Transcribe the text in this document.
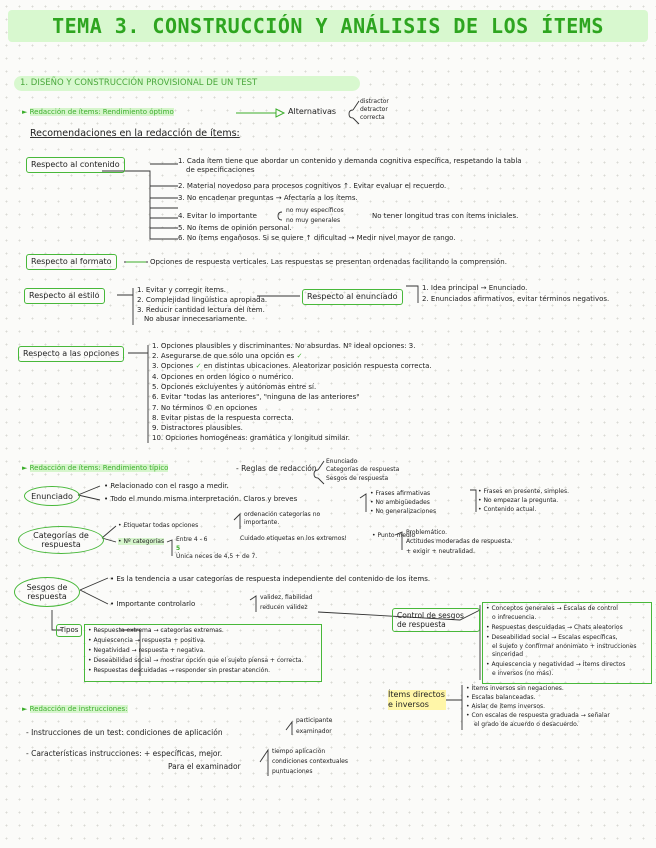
TEMA 3. CONSTRUCCIÓN Y ANÁLISIS DE LOS ÍTEMS
1. DISEÑO Y CONSTRUCCIÓN PROVISIONAL DE UN TEST
► Redacción de ítems: Rendimiento óptimo	Alternativas
distractor
detractor
correcta
Recomendaciones en la redacción de ítems:
Respecto al contenido	1. Cada ítem tiene que abordar un contenido y demanda cognitiva específica, respetando la tabla
de especificaciones
2. Material novedoso para procesos cognitivos ↑. Evitar evaluar el recuerdo.
3. No encadenar preguntas → Afectaría a los ítems.
4. Evitar lo importante
no muy específicos
no muy generales
No tener longitud tras con ítems iniciales.
5. No ítems de opinión personal.
6. No ítems engañosos. Si se quiere ↑ dificultad → Medir nivel mayor de rango.
Respecto al formato	Opciones de respuesta verticales. Las respuestas se presentan ordenadas facilitando la comprensión.
Respecto al estilo
1. Evitar y corregir ítems.
2. Complejidad lingüística apropiada.
3. Reducir cantidad lectura del ítem.
No abusar innecesariamente.
Respecto al enunciado
1. Idea principal → Enunciado.
2. Enunciados afirmativos, evitar términos negativos.
Respecto a las opciones
1. Opciones plausibles y discriminantes. No absurdas. Nº ideal opciones: 3.
2. Asegurarse de que sólo una opción es ✓
3. Opciones ✓ en distintas ubicaciones. Aleatorizar posición respuesta correcta.
4. Opciones en orden lógico o numérico.
5. Opciones excluyentes y autónomas entre sí.
6. Evitar "todas las anteriores", "ninguna de las anteriores"
7. No términos © en opciones
8. Evitar pistas de la respuesta correcta.
9. Distractores plausibles.
10. Opciones homogéneas: gramática y longitud similar.
► Redacción de ítems: Rendimiento típico	- Reglas de redacción
Enunciado
Categorías de respuesta
Sesgos de respuesta
Enunciado
• Relacionado con el rasgo a medir.
• Todo el mundo misma interpretación. Claros y breves
• Frases afirmativas
• No ambigüedades
• No generalizaciones
• Frases en presente, simples.
• No empezar la pregunta.
• Contenido actual.
Categorías de respuesta
• Etiquetar todas opciones
• Nº categorías Entre 4 - 6
5
Única neces de 4,5 + de 7.
ordenación categorías no
importante.
Cuidado etiquetas en los extremos!	• Punto medio
Problemático.
Actitudes moderadas de respuesta.
+ exigir + neutralidad.
Sesgos de respuesta
• Es la tendencia a usar categorías de respuesta independiente del contenido de los ítems.
• Importante controlarlo
validez, fiabilidad
reducen validez
Tipos	• Respuesta extrema → categorías extremas.
• Aquiescencia → respuesta + positiva.
• Negatividad → respuesta + negativa.
• Deseabilidad social → mostrar opción que el sujeto piensa + correcta.
• Respuestas descuidadas → responder sin prestar atención.
Control de sesgos de respuesta
• Conceptos generales → Escalas de control
o infrecuencia.
• Respuestas descuidadas → Chats aleatorios
• Deseabilidad social → Escalas específicas,
el sujeto y confirmar anonimato + instrucciones
sinceridad
• Aquiescencia y negatividad → Ítems directos
e inversos (no más).
Ítems directos e inversos
• Ítems inversos sin negaciones.
• Escalas balanceadas.
• Aislar de ítems inversos.
• Con escalas de respuesta graduada → señalar
el grado de acuerdo o desacuerdo.
► Redacción de instrucciones:
- Instrucciones de un test: condiciones de aplicación
participante
examinador
- Características instrucciones: + específicas, mejor.
Para el examinador
tiempo aplicación
condiciones contextuales
puntuaciones
